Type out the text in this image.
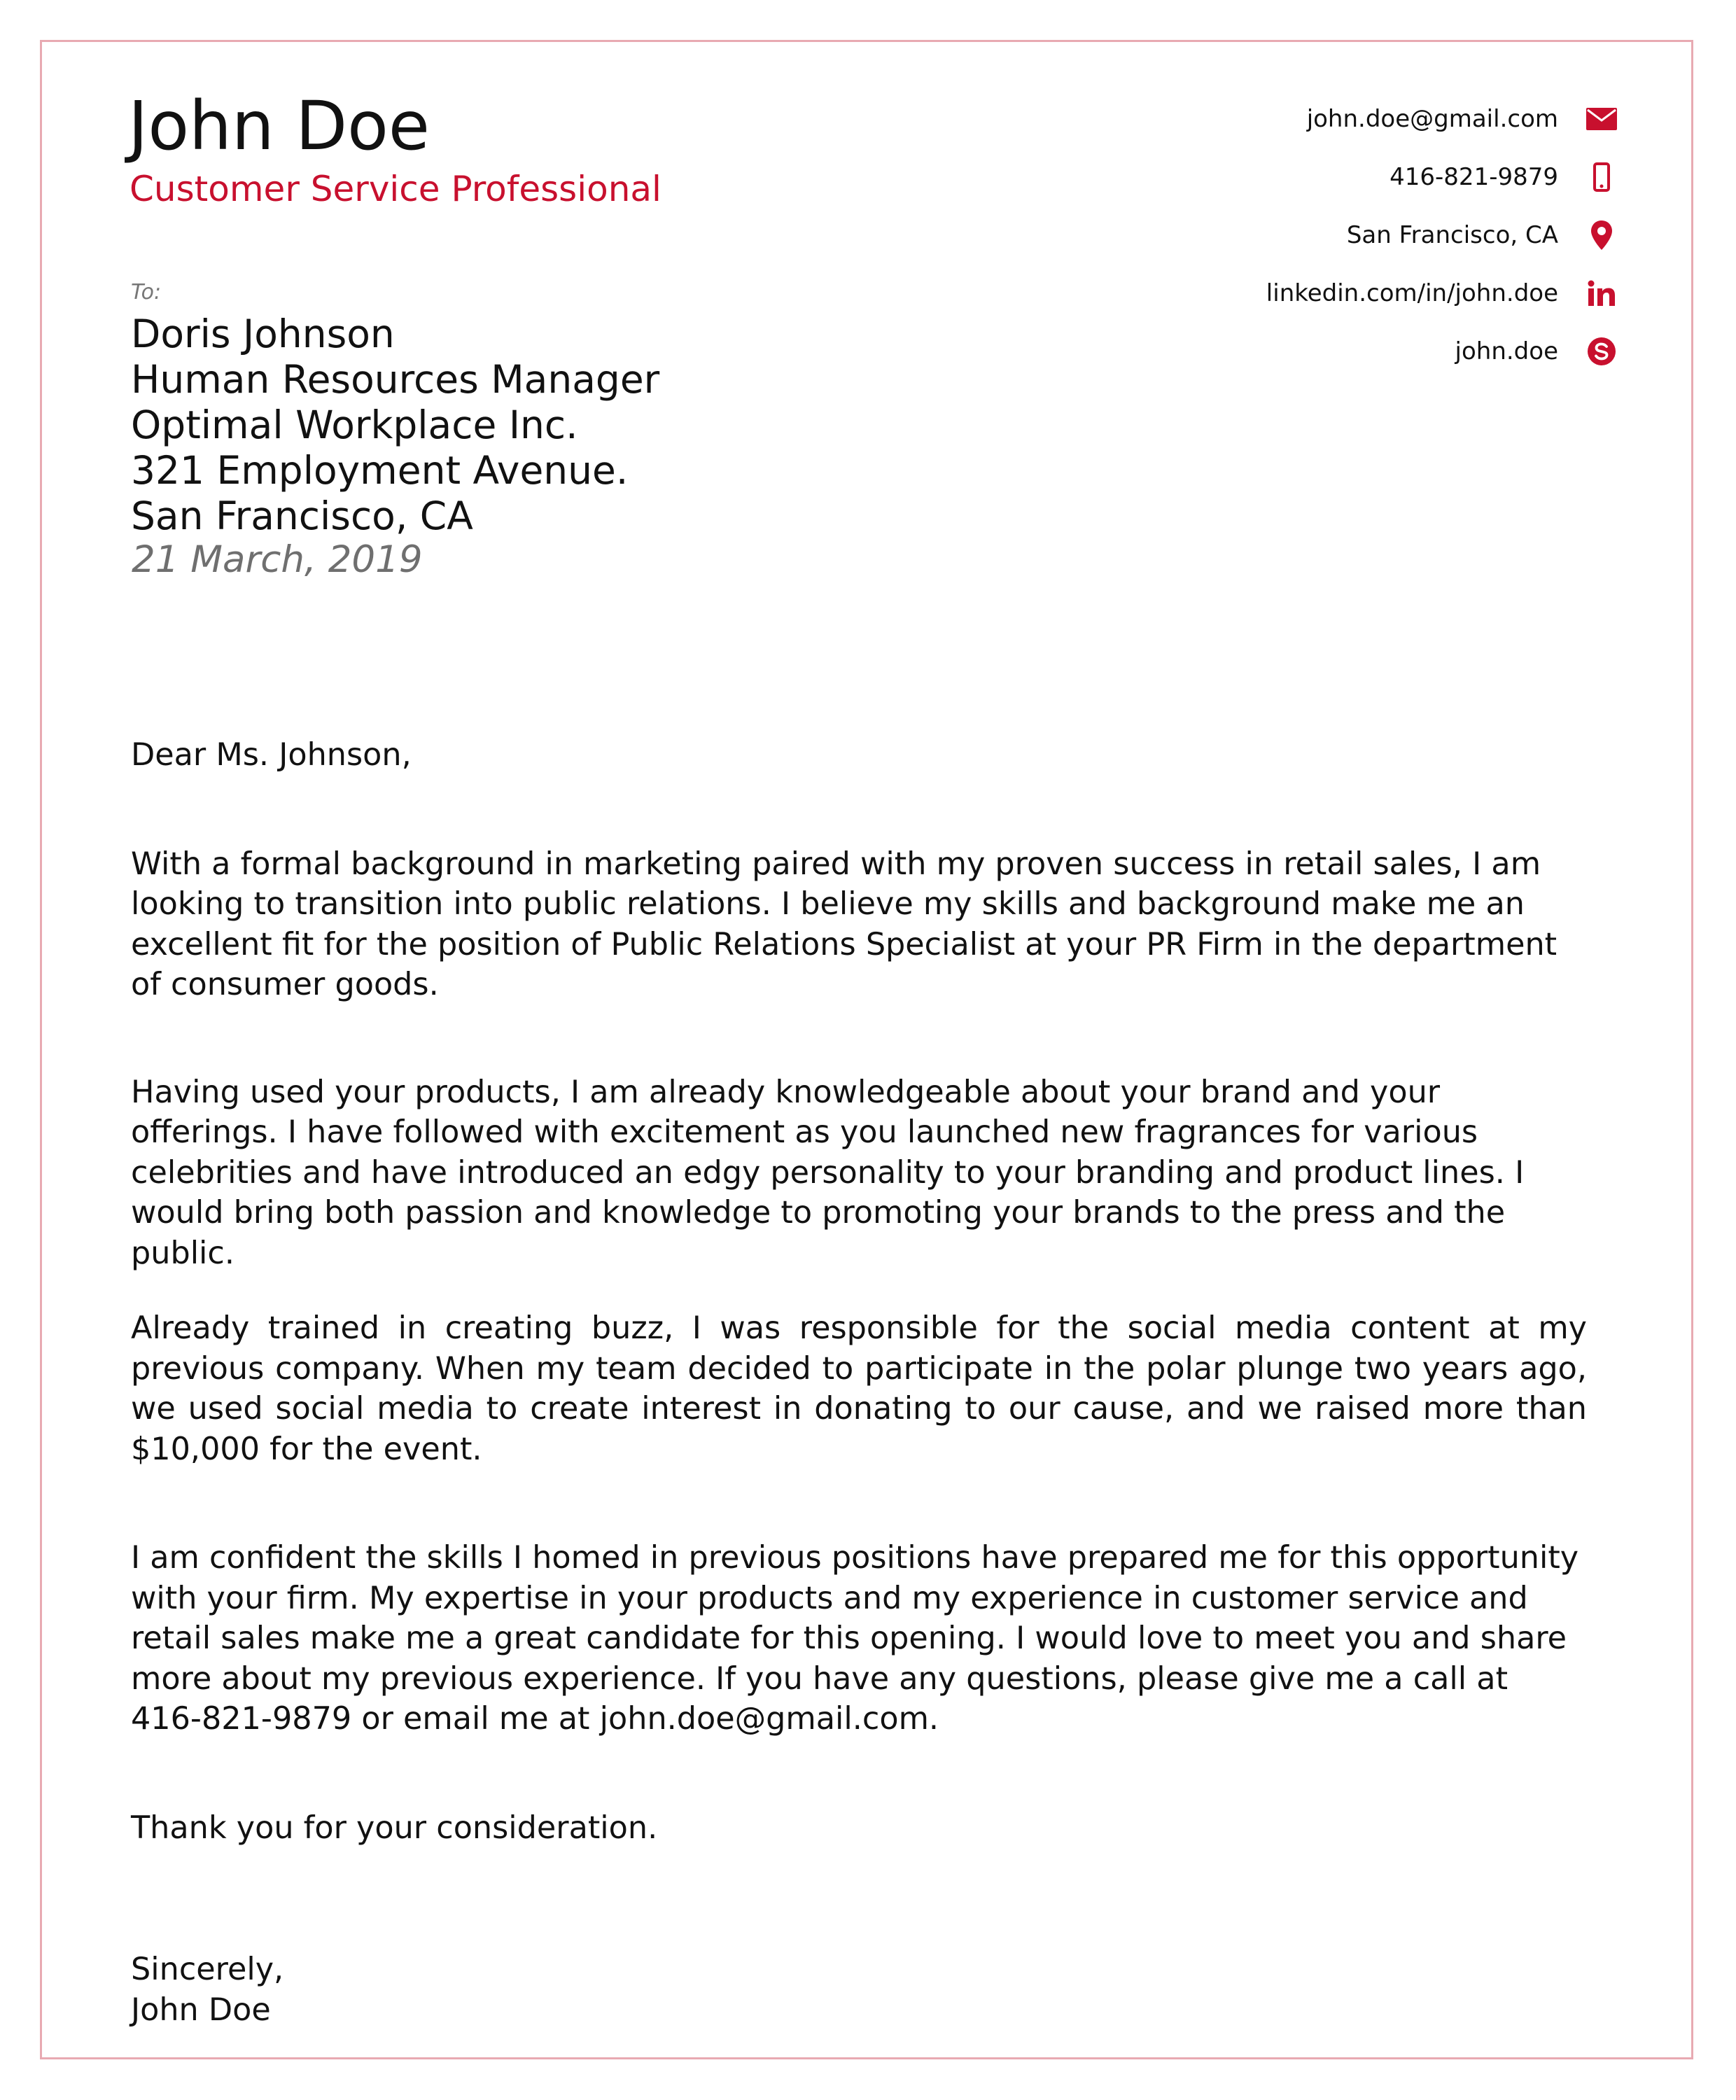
John Doe
Customer Service Professional
john.doe@gmail.com
416-821-9879
San Francisco, CA
linkedin.com/in/john.doe
john.doe
To:
Doris Johnson
Human Resources Manager
Optimal Workplace Inc.
321 Employment Avenue.
San Francisco, CA
21 March, 2019

Dear Ms. Johnson,

With a formal background in marketing paired with my proven success in retail sales, I am looking to transition into public relations. I believe my skills and background make me an excellent fit for the position of Public Relations Specialist at your PR Firm in the department of consumer goods.

Having used your products, I am already knowledgeable about your brand and your offerings. I have followed with excitement as you launched new fragrances for various celebrities and have introduced an edgy personality to your branding and product lines. I would bring both passion and knowledge to promoting your brands to the press and the public.

Already trained in creating buzz, I was responsible for the social media content at my previous company. When my team decided to participate in the polar plunge two years ago, we used social media to create interest in donating to our cause, and we raised more than $10,000 for the event.

I am confident the skills I homed in previous positions have prepared me for this opportunity with your firm. My expertise in your products and my experience in customer service and retail sales make me a great candidate for this opening. I would love to meet you and share more about my previous experience. If you have any questions, please give me a call at 416-821-9879 or email me at john.doe@gmail.com.

Thank you for your consideration.

Sincerely,

John Doe
